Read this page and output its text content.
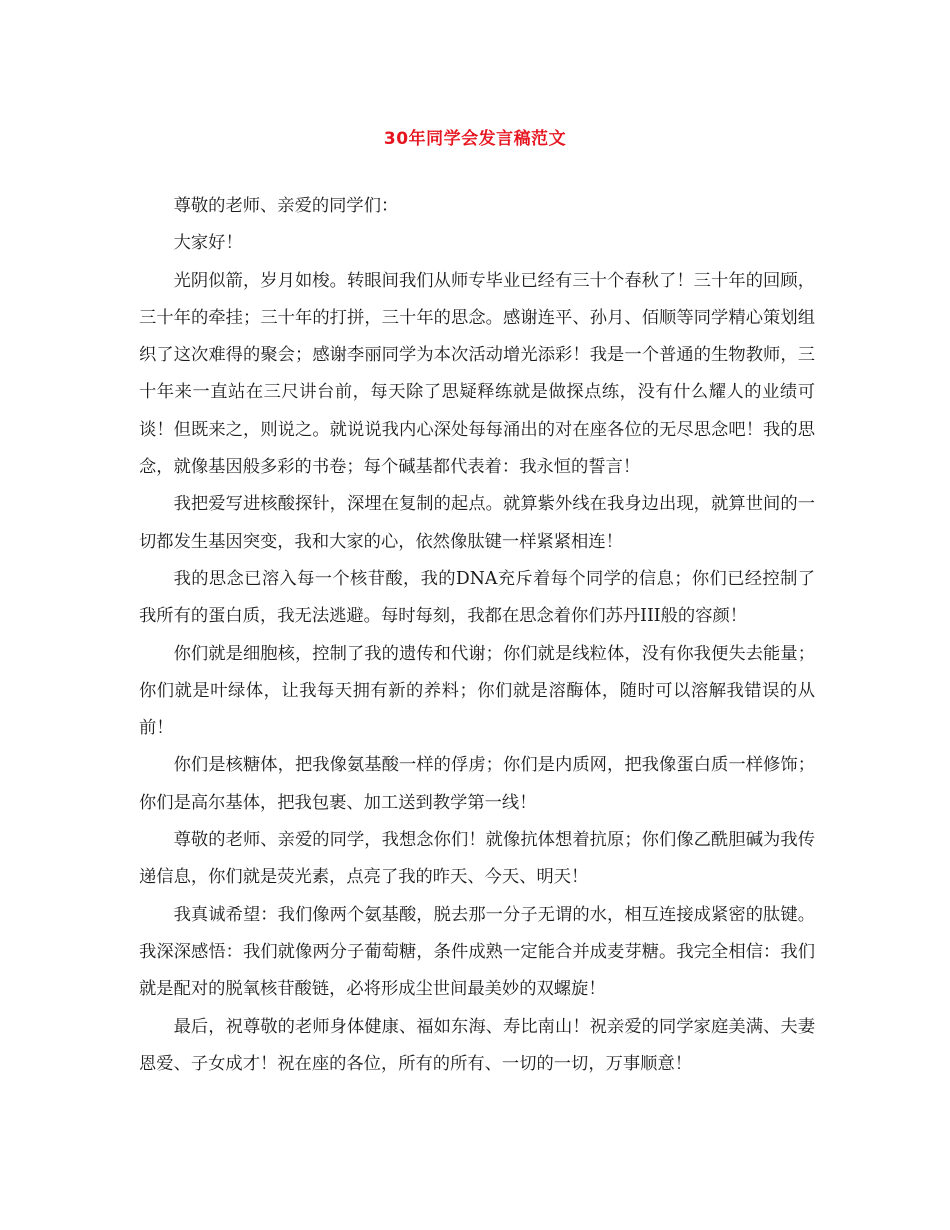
30年同学会发言稿范文

尊敬的老师、亲爱的同学们：

大家好！

光阴似箭，岁月如梭。转眼间我们从师专毕业已经有三十个春秋了！三十年的回顾，三十年的牵挂；三十年的打拼，三十年的思念。感谢连平、孙月、佰顺等同学精心策划组织了这次难得的聚会；感谢李丽同学为本次活动增光添彩！我是一个普通的生物教师，三十年来一直站在三尺讲台前，每天除了思疑释练就是做探点练，没有什么耀人的业绩可谈！但既来之，则说之。就说说我内心深处每每涌出的对在座各位的无尽思念吧！我的思念，就像基因般多彩的书卷；每个碱基都代表着：我永恒的誓言！

我把爱写进核酸探针，深埋在复制的起点。就算紫外线在我身边出现，就算世间的一切都发生基因突变，我和大家的心，依然像肽键一样紧紧相连！

我的思念已溶入每一个核苷酸，我的DNA充斥着每个同学的信息；你们已经控制了我所有的蛋白质，我无法逃避。每时每刻，我都在思念着你们苏丹III般的容颜！

你们就是细胞核，控制了我的遗传和代谢；你们就是线粒体，没有你我便失去能量；你们就是叶绿体，让我每天拥有新的养料；你们就是溶酶体，随时可以溶解我错误的从前！

你们是核糖体，把我像氨基酸一样的俘虏；你们是内质网，把我像蛋白质一样修饰；你们是高尔基体，把我包裹、加工送到教学第一线！

尊敬的老师、亲爱的同学，我想念你们！就像抗体想着抗原；你们像乙酰胆碱为我传递信息，你们就是荧光素，点亮了我的昨天、今天、明天！

我真诚希望：我们像两个氨基酸，脱去那一分子无谓的水，相互连接成紧密的肽键。我深深感悟：我们就像两分子葡萄糖，条件成熟一定能合并成麦芽糖。我完全相信：我们就是配对的脱氧核苷酸链，必将形成尘世间最美妙的双螺旋！

最后，祝尊敬的老师身体健康、福如东海、寿比南山！祝亲爱的同学家庭美满、夫妻恩爱、子女成才！祝在座的各位，所有的所有、一切的一切，万事顺意！
